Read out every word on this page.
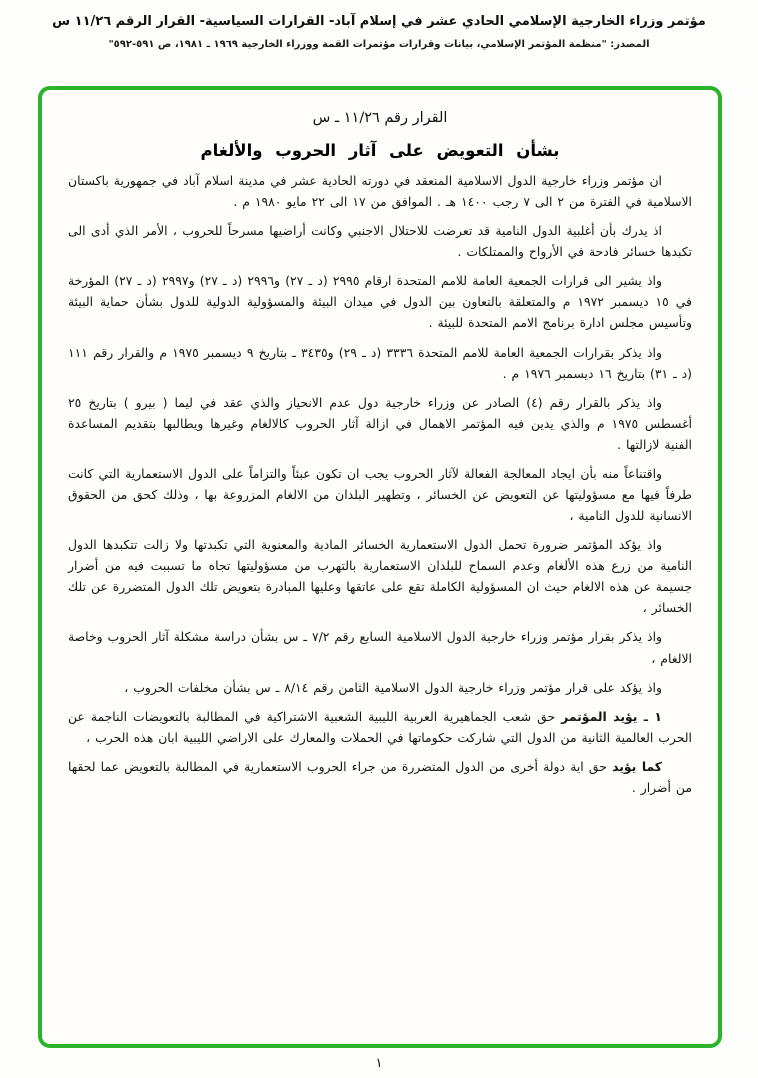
مؤتمر وزراء الخارجية الإسلامي الحادي عشر في إسلام آباد- القرارات السياسية- القرار الرقم ١١/٢٦ س
المصدر: "منظمة المؤتمر الإسلامي، بيانات وقرارات مؤتمرات القمة ووزراء الخارجية ١٩٦٩ ـ ١٩٨١، ص ٥٩١-٥٩٢"
القرار رقم ١١/٢٦ ـ س
بشأن التعويض على آثار الحروب والألغام

ان مؤتمر وزراء خارجية الدول الاسلامية المنعقد في دورته الحادية عشر في مدينة اسلام آباد في جمهورية باكستان الاسلامية في الفترة من ٢ الى ٧ رجب ١٤٠٠ هـ . الموافق من ١٧ الى ٢٢ مايو ١٩٨٠ م .

اذ يدرك بأن أغلبية الدول النامية قد تعرضت للاحتلال الاجنبي وكانت أراضيها مسرحاً للحروب ، الأمر الذي أدى الى تكبدها خسائر فادحة في الأرواح والممتلكات .

واذ يشير الى قرارات الجمعية العامة للامم المتحدة ارقام ٢٩٩٥ (د ـ ٢٧) و٢٩٩٦ (د ـ ٢٧) و٢٩٩٧ (د ـ ٢٧) المؤرخة في ١٥ ديسمبر ١٩٧٢ م والمتعلقة بالتعاون بين الدول في ميدان البيئة والمسؤولية الدولية للدول بشأن حماية البيئة وتأسيس مجلس ادارة برنامج الامم المتحدة للبيئة .

واذ يذكر بقرارات الجمعية العامة للامم المتحدة ٣٣٣٦ (د ـ ٢٩) و٣٤٣٥ ـ بتاريخ ٩ ديسمبر ١٩٧٥ م والقرار رقم ١١١ (د ـ ٣١) بتاريخ ١٦ ديسمبر ١٩٧٦ م .

واذ يذكر بالقرار رقم (٤) الصادر عن وزراء خارجية دول عدم الانحياز والذي عقد في ليما ( بيرو ) بتاريخ ٢٥ أغسطس ١٩٧٥ م والذي يدين فيه المؤتمر الاهمال في ازالة آثار الحروب كالالغام وغيرها ويطالبها بتقديم المساعدة الفنية لازالتها .

واقتناعاً منه بأن ايجاد المعالجة الفعالة لآثار الحروب يجب ان تكون عبئاً والتزاماً على الدول الاستعمارية التي كانت طرفاً فيها مع مسؤوليتها عن التعويض عن الخسائر ، وتطهير البلدان من الالغام المزروعة بها ، وذلك كحق من الحقوق الانسانية للدول النامية ،

واذ يؤكد المؤتمر ضرورة تحمل الدول الاستعمارية الخسائر المادية والمعنوية التي تكبدتها ولا زالت تتكبدها الدول النامية من زرع هذه الألغام وعدم السماح للبلدان الاستعمارية بالتهرب من مسؤوليتها تجاه ما تسببت فيه من أضرار جسيمة عن هذه الالغام حيث ان المسؤولية الكاملة تقع على عاتقها وعليها المبادرة بتعويض تلك الدول المتضررة عن تلك الخسائر ،

واذ يذكر بقرار مؤتمر وزراء خارجية الدول الاسلامية السابع رقم ٧/٢ ـ س بشأن دراسة مشكلة آثار الحروب وخاصة الالغام ،

واذ يؤكد على قرار مؤتمر وزراء خارجية الدول الاسلامية الثامن رقم ٨/١٤ ـ س بشأن مخلفات الحروب ،

١ ـ يؤيد المؤتمر حق شعب الجماهيرية العربية الليبية الشعبية الاشتراكية في المطالبة بالتعويضات الناجمة عن الحرب العالمية الثانية من الدول التي شاركت حكوماتها في الحملات والمعارك على الاراضي الليبية ابان هذه الحرب ،

كما يؤيد حق اية دولة أخرى من الدول المتضررة من جراء الحروب الاستعمارية في المطالبة بالتعويض عما لحقها من أضرار .

١
